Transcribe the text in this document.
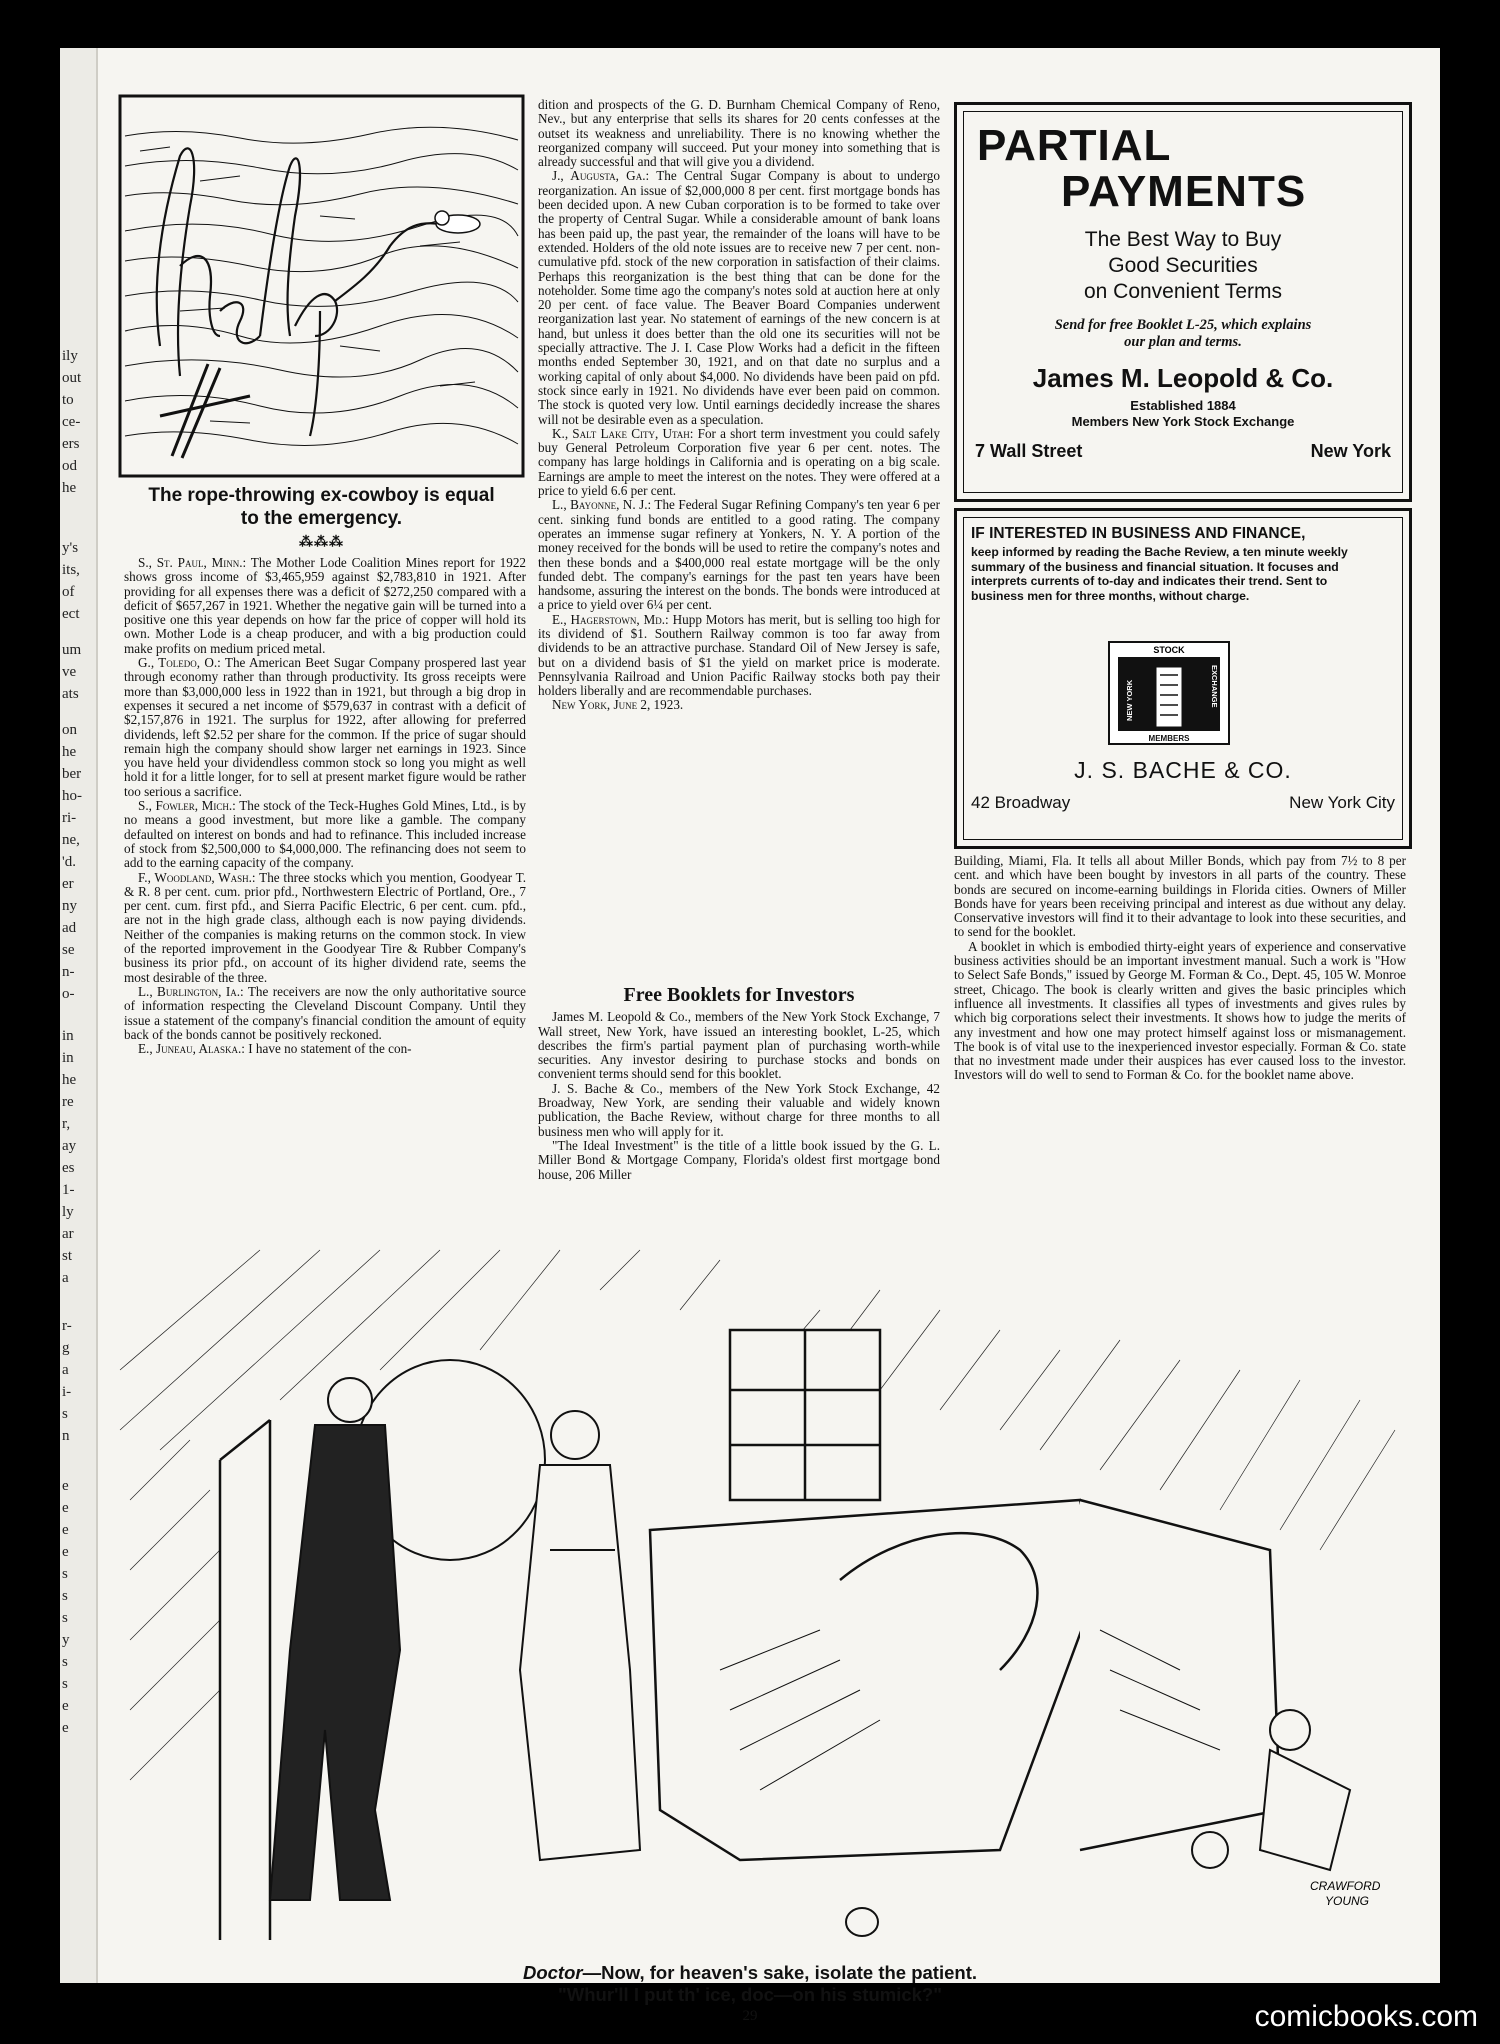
ily
out
to
ce-
ers
od
he
y's
its,
of
ect
um
ve
ats
on
he
ber
ho-
ri-
ne,
'd.
er
ny
ad
se
n-
o-
in
in
he
re
r,
ay
es
1-
ly
ar
st
a
r-
g
a
i-
s
n
e
e
e
e
s
s
s
y
s
s
e
e
The rope-throwing ex-cowboy is equal
to the emergency.
⁂⁂⁂

S., St. Paul, Minn.: The Mother Lode Coalition Mines report for 1922 shows gross income of $3,465,959 against $2,783,810 in 1921. After providing for all expenses there was a deficit of $272,250 compared with a deficit of $657,267 in 1921. Whether the negative gain will be turned into a positive one this year depends on how far the price of copper will hold its own. Mother Lode is a cheap producer, and with a big production could make profits on medium priced metal.

G., Toledo, O.: The American Beet Sugar Company prospered last year through economy rather than through productivity. Its gross receipts were more than $3,000,000 less in 1922 than in 1921, but through a big drop in expenses it secured a net income of $579,637 in contrast with a deficit of $2,157,876 in 1921. The surplus for 1922, after allowing for preferred dividends, left $2.52 per share for the common. If the price of sugar should remain high the company should show larger net earnings in 1923. Since you have held your dividendless common stock so long you might as well hold it for a little longer, for to sell at present market figure would be rather too serious a sacrifice.

S., Fowler, Mich.: The stock of the Teck-Hughes Gold Mines, Ltd., is by no means a good investment, but more like a gamble. The company defaulted on interest on bonds and had to refinance. This included increase of stock from $2,500,000 to $4,000,000. The refinancing does not seem to add to the earning capacity of the company.

F., Woodland, Wash.: The three stocks which you mention, Goodyear T. & R. 8 per cent. cum. prior pfd., Northwestern Electric of Portland, Ore., 7 per cent. cum. first pfd., and Sierra Pacific Electric, 6 per cent. cum. pfd., are not in the high grade class, although each is now paying dividends. Neither of the companies is making returns on the common stock. In view of the reported improvement in the Goodyear Tire & Rubber Company's business its prior pfd., on account of its higher dividend rate, seems the most desirable of the three.

L., Burlington, Ia.: The receivers are now the only authoritative source of information respecting the Cleveland Discount Company. Until they issue a statement of the company's financial condition the amount of equity back of the bonds cannot be positively reckoned.

E., Juneau, Alaska.: I have no statement of the con-

dition and prospects of the G. D. Burnham Chemical Company of Reno, Nev., but any enterprise that sells its shares for 20 cents confesses at the outset its weakness and unreliability. There is no knowing whether the reorganized company will succeed. Put your money into something that is already successful and that will give you a dividend.

J., Augusta, Ga.: The Central Sugar Company is about to undergo reorganization. An issue of $2,000,000 8 per cent. first mortgage bonds has been decided upon. A new Cuban corporation is to be formed to take over the property of Central Sugar. While a considerable amount of bank loans has been paid up, the past year, the remainder of the loans will have to be extended. Holders of the old note issues are to receive new 7 per cent. non-cumulative pfd. stock of the new corporation in satisfaction of their claims. Perhaps this reorganization is the best thing that can be done for the noteholder. Some time ago the company's notes sold at auction here at only 20 per cent. of face value. The Beaver Board Companies underwent reorganization last year. No statement of earnings of the new concern is at hand, but unless it does better than the old one its securities will not be specially attractive. The J. I. Case Plow Works had a deficit in the fifteen months ended September 30, 1921, and on that date no surplus and a working capital of only about $4,000. No dividends have been paid on pfd. stock since early in 1921. No dividends have ever been paid on common. The stock is quoted very low. Until earnings decidedly increase the shares will not be desirable even as a speculation.

K., Salt Lake City, Utah: For a short term investment you could safely buy General Petroleum Corporation five year 6 per cent. notes. The company has large holdings in California and is operating on a big scale. Earnings are ample to meet the interest on the notes. They were offered at a price to yield 6.6 per cent.

L., Bayonne, N. J.: The Federal Sugar Refining Company's ten year 6 per cent. sinking fund bonds are entitled to a good rating. The company operates an immense sugar refinery at Yonkers, N. Y. A portion of the money received for the bonds will be used to retire the company's notes and then these bonds and a $400,000 real estate mortgage will be the only funded debt. The company's earnings for the past ten years have been handsome, assuring the interest on the bonds. The bonds were introduced at a price to yield over 6¼ per cent.

E., Hagerstown, Md.: Hupp Motors has merit, but is selling too high for its dividend of $1. Southern Railway common is too far away from dividends to be an attractive purchase. Standard Oil of New Jersey is safe, but on a dividend basis of $1 the yield on market price is moderate. Pennsylvania Railroad and Union Pacific Railway stocks both pay their holders liberally and are recommendable purchases.

New York, June 2, 1923.

Free Booklets for Investors

James M. Leopold & Co., members of the New York Stock Exchange, 7 Wall street, New York, have issued an interesting booklet, L-25, which describes the firm's partial payment plan of purchasing worth-while securities. Any investor desiring to purchase stocks and bonds on convenient terms should send for this booklet.

J. S. Bache & Co., members of the New York Stock Exchange, 42 Broadway, New York, are sending their valuable and widely known publication, the Bache Review, without charge for three months to all business men who will apply for it.

"The Ideal Investment" is the title of a little book issued by the G. L. Miller Bond & Mortgage Company, Florida's oldest first mortgage bond house, 206 Miller

Building, Miami, Fla. It tells all about Miller Bonds, which pay from 7½ to 8 per cent. and which have been bought by investors in all parts of the country. These bonds are secured on income-earning buildings in Florida cities. Owners of Miller Bonds have for years been receiving principal and interest as due without any delay. Conservative investors will find it to their advantage to look into these securities, and to send for the booklet.

A booklet in which is embodied thirty-eight years of experience and conservative business activities should be an important investment manual. Such a work is "How to Select Safe Bonds," issued by George M. Forman & Co., Dept. 45, 105 W. Monroe street, Chicago. The book is clearly written and gives the basic principles which influence all investments. It classifies all types of investments and gives rules by which big corporations select their investments. It shows how to judge the merits of any investment and how one may protect himself against loss or mismanagement. The book is of vital use to the inexperienced investor especially. Forman & Co. state that no investment made under their auspices has ever caused loss to the investor. Investors will do well to send to Forman & Co. for the booklet name above.

PARTIAL
PAYMENTS
The Best Way to Buy
Good Securities
on Convenient Terms
Send for free Booklet L-25, which explains
our plan and terms.
James M. Leopold & Co.
Established 1884
Members New York Stock Exchange
7 Wall Street	New York
IF INTERESTED IN BUSINESS AND FINANCE,
keep informed by reading the Bache Review, a ten minute weekly summary of the business and financial situation. It focuses and interprets currents of to-day and indicates their trend. Sent to business men for three months, without charge.
STOCK
MEMBERS
NEW YORK	EXCHANGE
J. S. BACHE & CO.
42 Broadway	New York City
CRAWFORD
YOUNG
Doctor—Now, for heaven's sake, isolate the patient.
"Whur'll I put th' ice, doc—on his stumick?"
29	comicbooks.com
